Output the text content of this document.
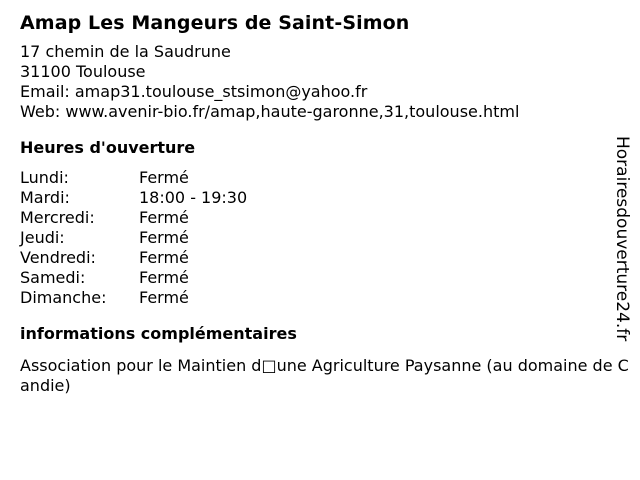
Amap Les Mangeurs de Saint-Simon
17 chemin de la Saudrune
31100 Toulouse
Email: amap31.toulouse_stsimon@yahoo.fr
Web: www.avenir-bio.fr/amap,haute-garonne,31,toulouse.html
Heures d'ouverture
Lundi:	Fermé
Mardi:	18:00 - 19:30
Mercredi:	Fermé
Jeudi:	Fermé
Vendredi:	Fermé
Samedi:	Fermé
Dimanche:	Fermé
informations complémentaires
Association pour le Maintien d□une Agriculture Paysanne (au domaine de Candie)
Horairesdouverture24.fr
